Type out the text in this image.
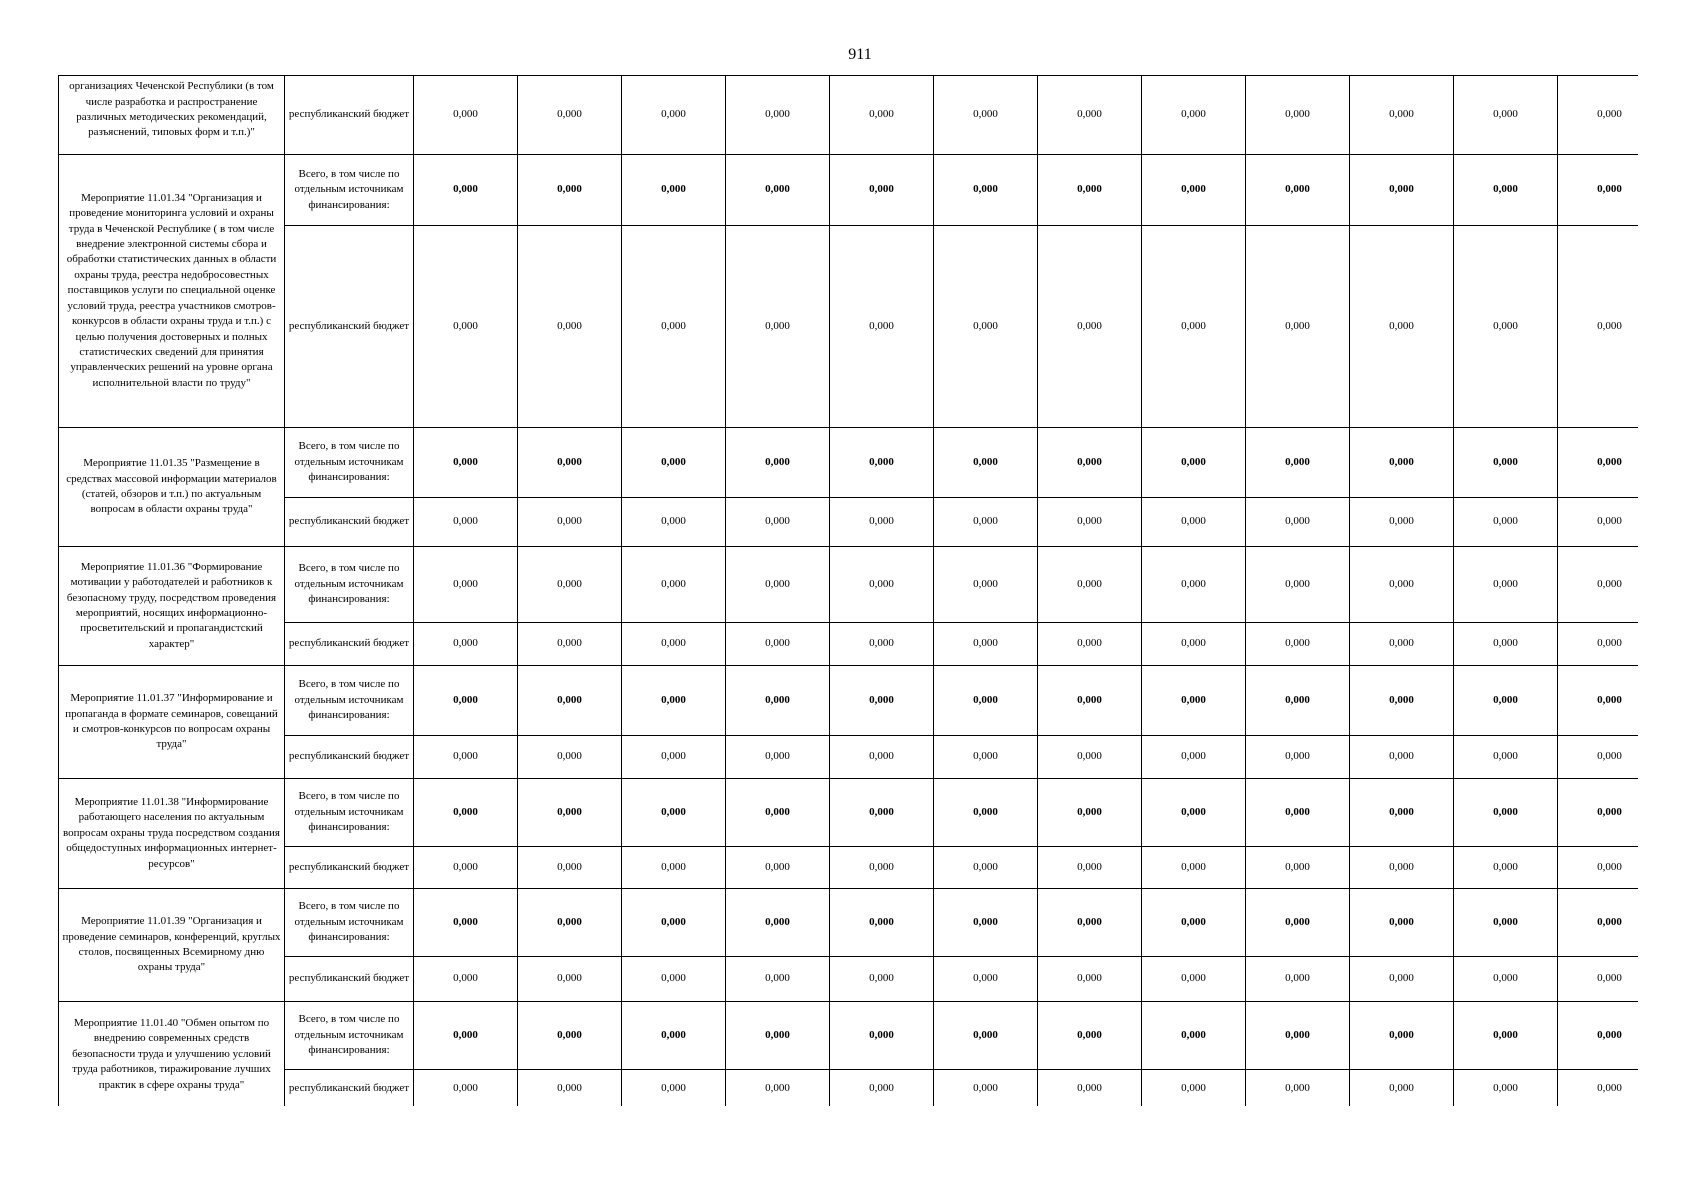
911
организациях Чеченской Республики (в том числе разработка и распространение различных методических рекомендаций, разъяснений, типовых форм и т.п.)"	республиканский бюджет	0,000	0,000	0,000	0,000	0,000	0,000	0,000	0,000	0,000	0,000	0,000	0,000

Мероприятие 11.01.34 "Организация и проведение мониторинга условий и охраны труда в Чеченской Республике ( в том числе внедрение электронной системы сбора и обработки статистических данных в области охраны труда, реестра недобросовестных поставщиков услуги по специальной оценке условий труда, реестра участников смотров-конкурсов в области охраны труда и т.п.) с целью получения достоверных и полных статистических сведений для принятия управленческих решений на уровне органа исполнительной власти по труду"	Всего, в том числе по отдельным источникам финансирования:	0,000	0,000	0,000	0,000	0,000	0,000	0,000	0,000	0,000	0,000	0,000	0,000
	республиканский бюджет	0,000	0,000	0,000	0,000	0,000	0,000	0,000	0,000	0,000	0,000	0,000	0,000

Мероприятие 11.01.35 "Размещение в средствах массовой информации материалов (статей, обзоров и т.п.) по актуальным вопросам в области охраны труда"	Всего, в том числе по отдельным источникам финансирования:	0,000	0,000	0,000	0,000	0,000	0,000	0,000	0,000	0,000	0,000	0,000	0,000
	республиканский бюджет	0,000	0,000	0,000	0,000	0,000	0,000	0,000	0,000	0,000	0,000	0,000	0,000

Мероприятие 11.01.36 "Формирование мотивации у работодателей и работников к безопасному труду, посредством проведения мероприятий, носящих информационно-просветительский и пропагандистский характер"	Всего, в том числе по отдельным источникам финансирования:	0,000	0,000	0,000	0,000	0,000	0,000	0,000	0,000	0,000	0,000	0,000	0,000
	республиканский бюджет	0,000	0,000	0,000	0,000	0,000	0,000	0,000	0,000	0,000	0,000	0,000	0,000

Мероприятие 11.01.37 "Информирование и пропаганда в формате семинаров, совещаний и смотров-конкурсов по вопросам охраны труда"	Всего, в том числе по отдельным источникам финансирования:	0,000	0,000	0,000	0,000	0,000	0,000	0,000	0,000	0,000	0,000	0,000	0,000
	республиканский бюджет	0,000	0,000	0,000	0,000	0,000	0,000	0,000	0,000	0,000	0,000	0,000	0,000

Мероприятие 11.01.38 "Информирование работающего населения по актуальным вопросам охраны труда посредством создания общедоступных информационных интернет-ресурсов"	Всего, в том числе по отдельным источникам финансирования:	0,000	0,000	0,000	0,000	0,000	0,000	0,000	0,000	0,000	0,000	0,000	0,000
	республиканский бюджет	0,000	0,000	0,000	0,000	0,000	0,000	0,000	0,000	0,000	0,000	0,000	0,000

Мероприятие 11.01.39 "Организация и проведение семинаров, конференций, круглых столов, посвященных Всемирному дню охраны труда"	Всего, в том числе по отдельным источникам финансирования:	0,000	0,000	0,000	0,000	0,000	0,000	0,000	0,000	0,000	0,000	0,000	0,000
	республиканский бюджет	0,000	0,000	0,000	0,000	0,000	0,000	0,000	0,000	0,000	0,000	0,000	0,000

Мероприятие 11.01.40 "Обмен опытом по внедрению современных средств безопасности труда и улучшению условий труда работников, тиражирование лучших практик в сфере охраны труда"	Всего, в том числе по отдельным источникам финансирования:	0,000	0,000	0,000	0,000	0,000	0,000	0,000	0,000	0,000	0,000	0,000	0,000
	республиканский бюджет	0,000	0,000	0,000	0,000	0,000	0,000	0,000	0,000	0,000	0,000	0,000	0,000
